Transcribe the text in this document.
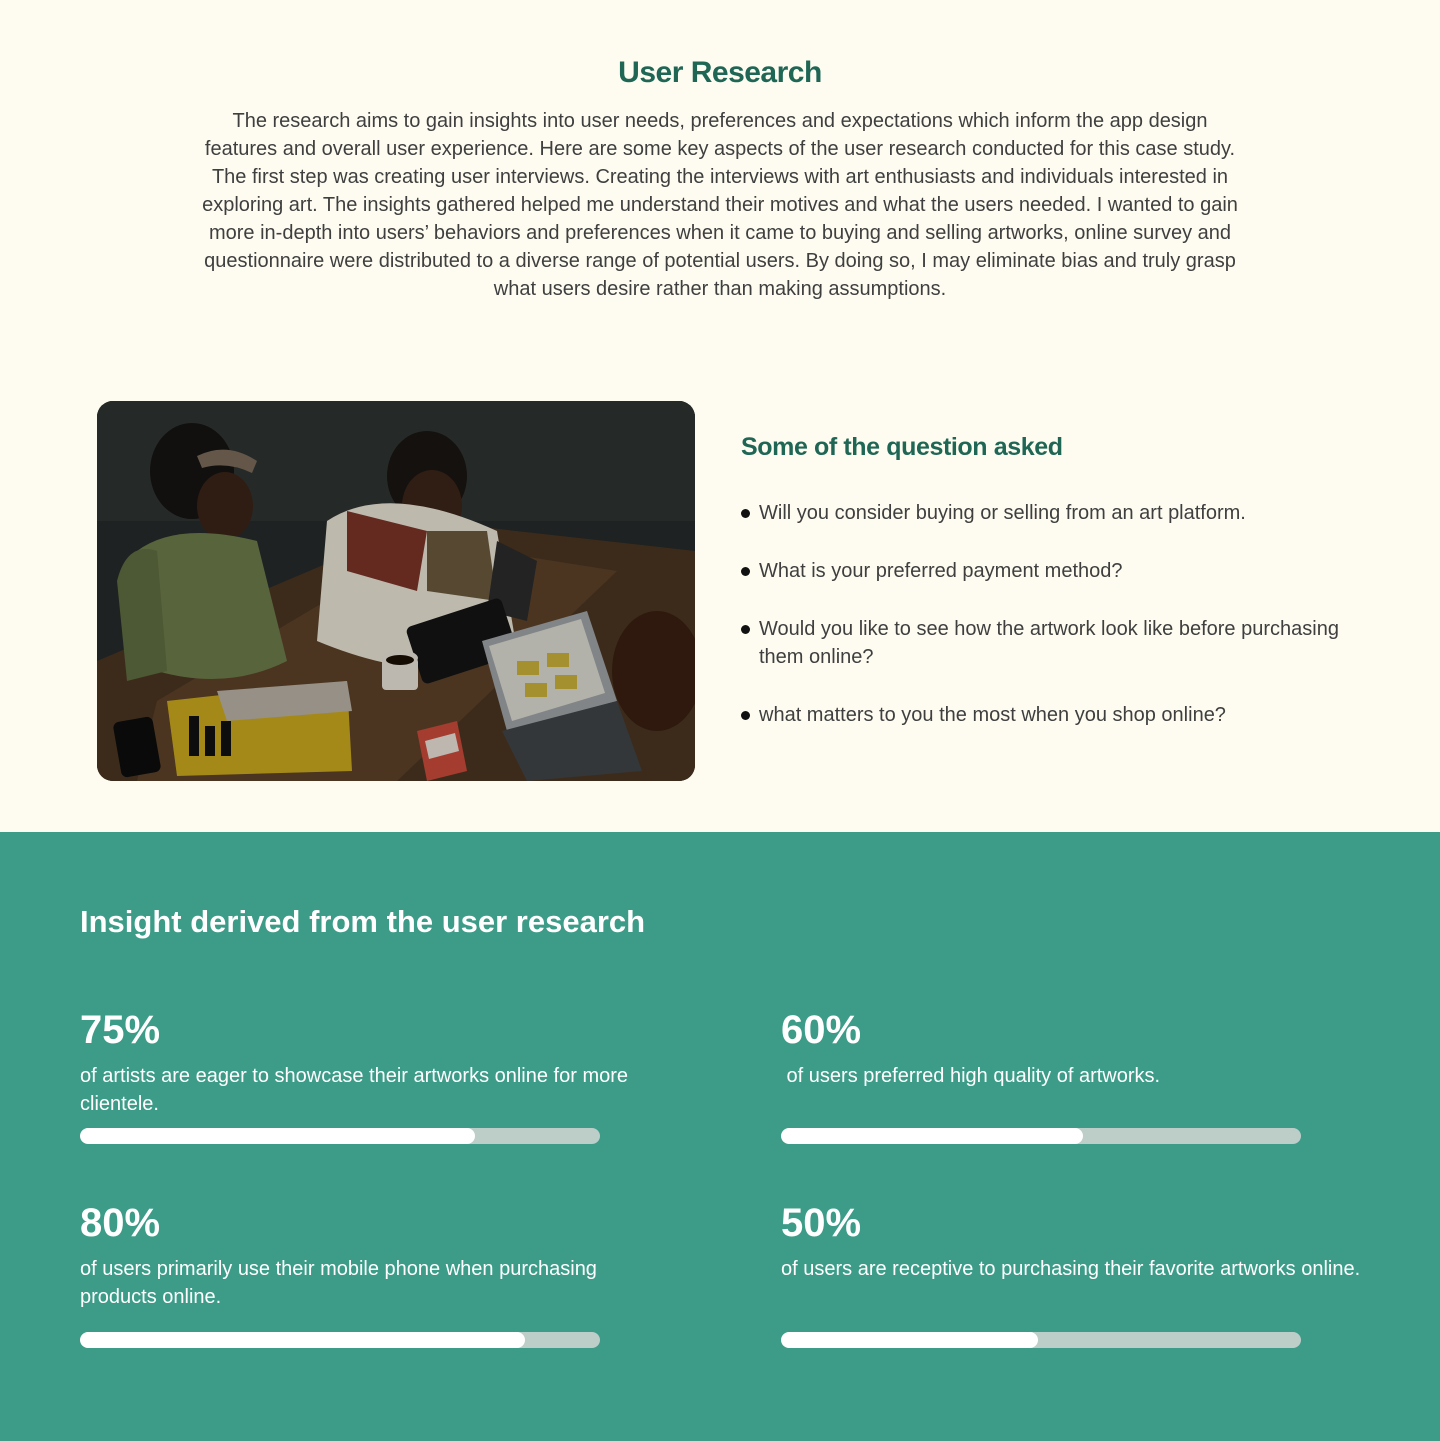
User Research

The research aims to gain insights into user needs, preferences and expectations which inform the app design features and overall user experience. Here are some key aspects of the user research conducted for this case study. The first step was creating user interviews. Creating the interviews with art enthusiasts and individuals interested in exploring art. The insights gathered helped me understand their motives and what the users needed. I wanted to gain more in-depth into users’ behaviors and preferences when it came to buying and selling artworks, online survey and questionnaire were distributed to a diverse range of potential users. By doing so, I may eliminate bias and truly grasp what users desire rather than making assumptions.

Some of the question asked
Will you consider buying or selling from an art platform.
What is your preferred payment method?
Would you like to see how the artwork look like before purchasing them online?
what matters to you the most when you shop online?
Insight derived from the user research
75%
of artists are eager to showcase their artworks online for more clientele.
60%
of users preferred high quality of artworks.
80%
of users primarily use their mobile phone when purchasing products online.
50%
of users are receptive to purchasing their favorite artworks online.
